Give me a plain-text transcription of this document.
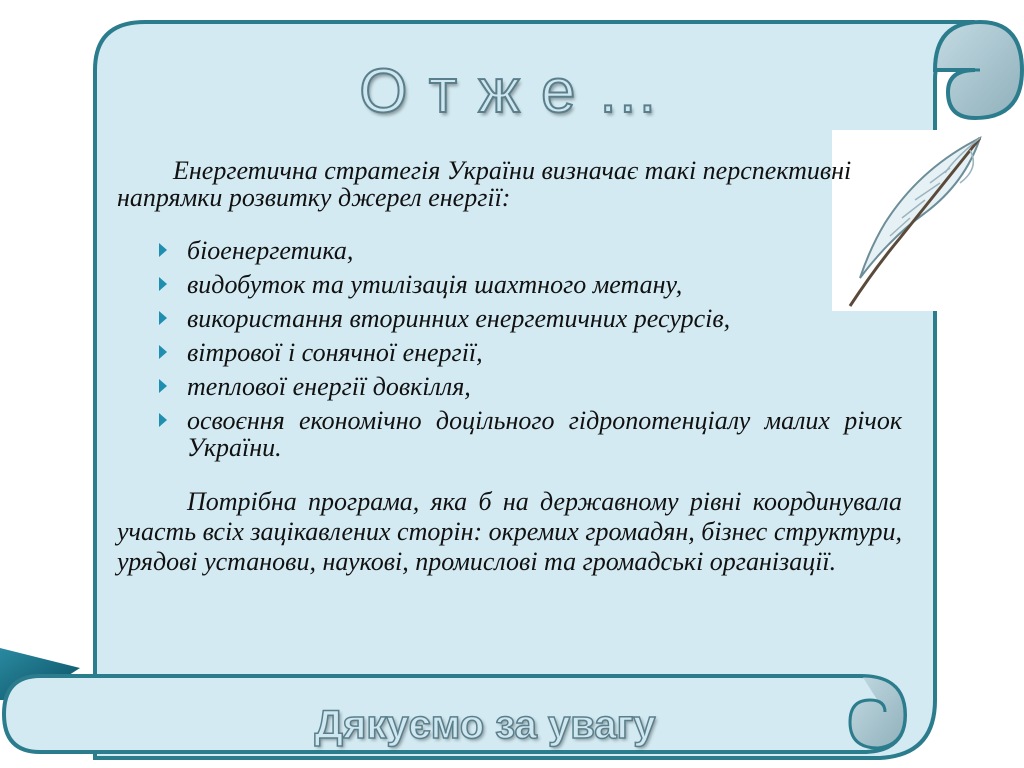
О т ж е …

Енергетична стратегія України визначає такі перспективні напрямки розвитку джерел енергії:

біоенергетика,
видобуток та утилізація шахтного метану,
використання вторинних енергетичних ресурсів,
вітрової і сонячної енергії,
теплової енергії довкілля,
освоєння економічно доцільного гідропотенціалу малих річок України.

Потрібна програма, яка б на державному рівні координувала участь всіх зацікавлених сторін: окремих громадян, бізнес структури, урядові установи, наукові, промислові та громадські організації.

Дякуємо за увагу
